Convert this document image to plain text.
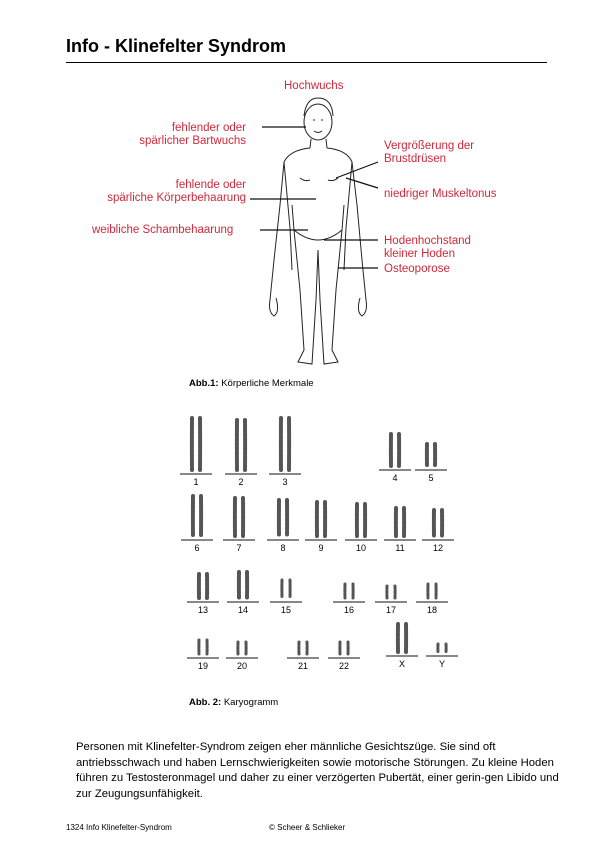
Info - Klinefelter Syndrom
Hochwuchs
fehlender oder
spärlicher Bartwuchs
fehlende oder
spärliche Körperbehaarung
weibliche Schambehaarung
Vergrößerung der
Brustdrüsen
niedriger Muskeltonus
Hodenhochstand
kleiner Hoden
Osteoporose
Abb.1: Körperliche Merkmale
1	2	3	4	5
6	7	8	9	10	11	12
13	14	15	16	17	18
19	20	21	22	X	Y
Abb. 2: Karyogramm
Personen mit Klinefelter-Syndrom zeigen eher männliche Gesichtszüge. Sie sind oft antriebsschwach und haben Lernschwierigkeiten sowie motorische Störungen. Zu kleine Hoden führen zu Testosteronmagel und daher zu einer verzögerten Pubertät, einer gerin-gen Libido und zur Zeugungsunfähigkeit.
1324 Info Klinefelter-Syndrom	© Scheer & Schlieker
